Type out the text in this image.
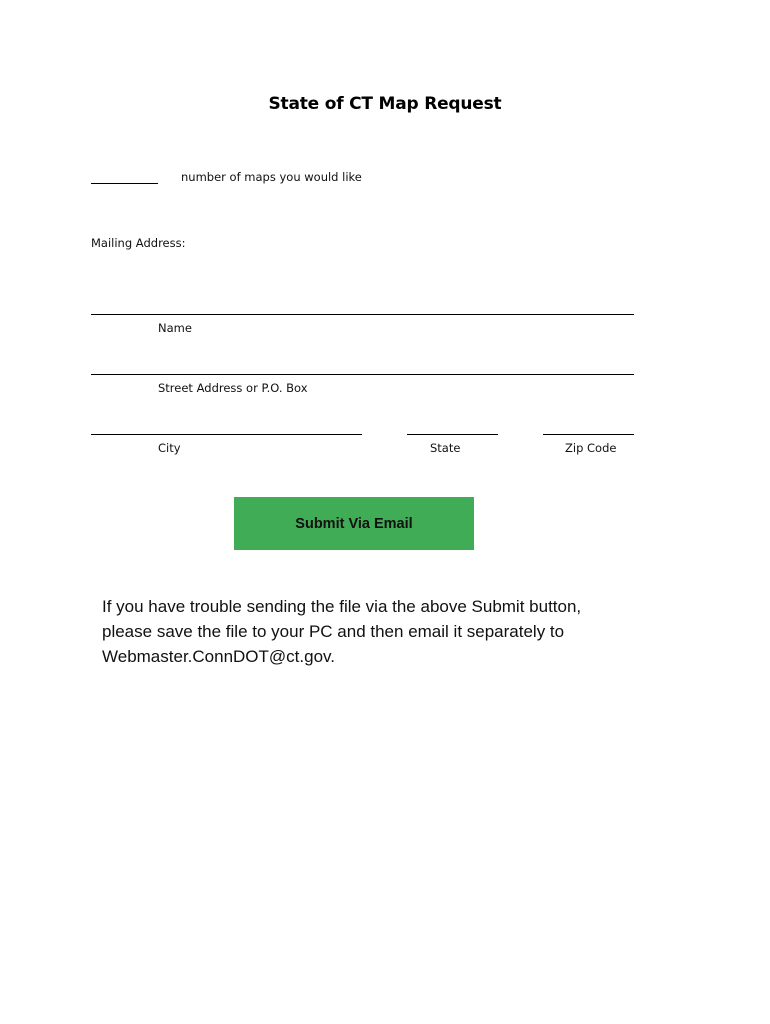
State of CT Map Request
number of maps you would like
Mailing Address:
Name
Street Address or P.O. Box
City	State	Zip Code
Submit Via Email
If you have trouble sending the file via the above Submit button,
please save the file to your PC and then email it separately to
Webmaster.ConnDOT@ct.gov.
